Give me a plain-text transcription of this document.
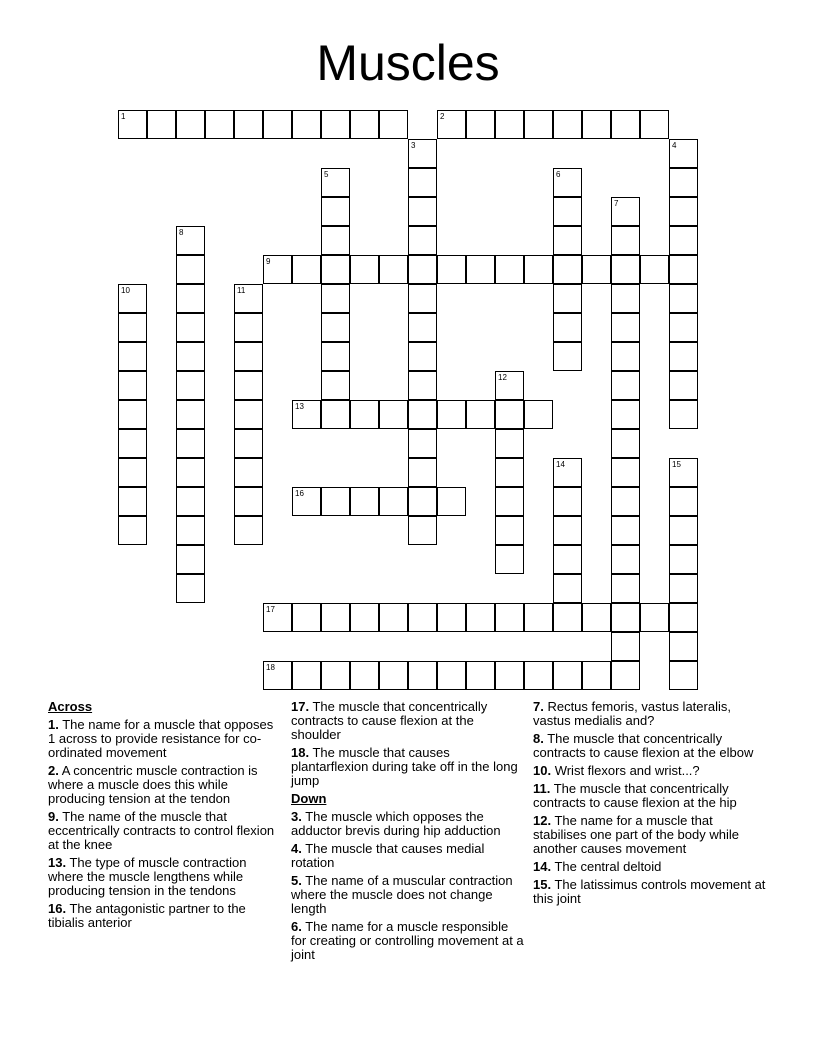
Muscles
1	2
3	4
5	6
7
8
9
10	11
12
13
14	15
16
17
18
Across
1. The name for a muscle that opposes 1 across to provide resistance for co-ordinated movement
2. A concentric muscle contraction is where a muscle does this while producing tension at the tendon
9. The name of the muscle that eccentrically contracts to control flexion at the knee
13. The type of muscle contraction where the muscle lengthens while producing tension in the tendons
16. The antagonistic partner to the tibialis anterior
17. The muscle that concentrically contracts to cause flexion at the shoulder
18. The muscle that causes plantarflexion during take off in the long jump
Down
3. The muscle which opposes the adductor brevis during hip adduction
4. The muscle that causes medial rotation
5. The name of a muscular contraction where the muscle does not change length
6. The name for a muscle responsible for creating or controlling movement at a joint
7. Rectus femoris, vastus lateralis, vastus medialis and?
8. The muscle that concentrically contracts to cause flexion at the elbow
10. Wrist flexors and wrist...?
11. The muscle that concentrically contracts to cause flexion at the hip
12. The name for a muscle that stabilises one part of the body while another causes movement
14. The central deltoid
15. The latissimus controls movement at this joint
